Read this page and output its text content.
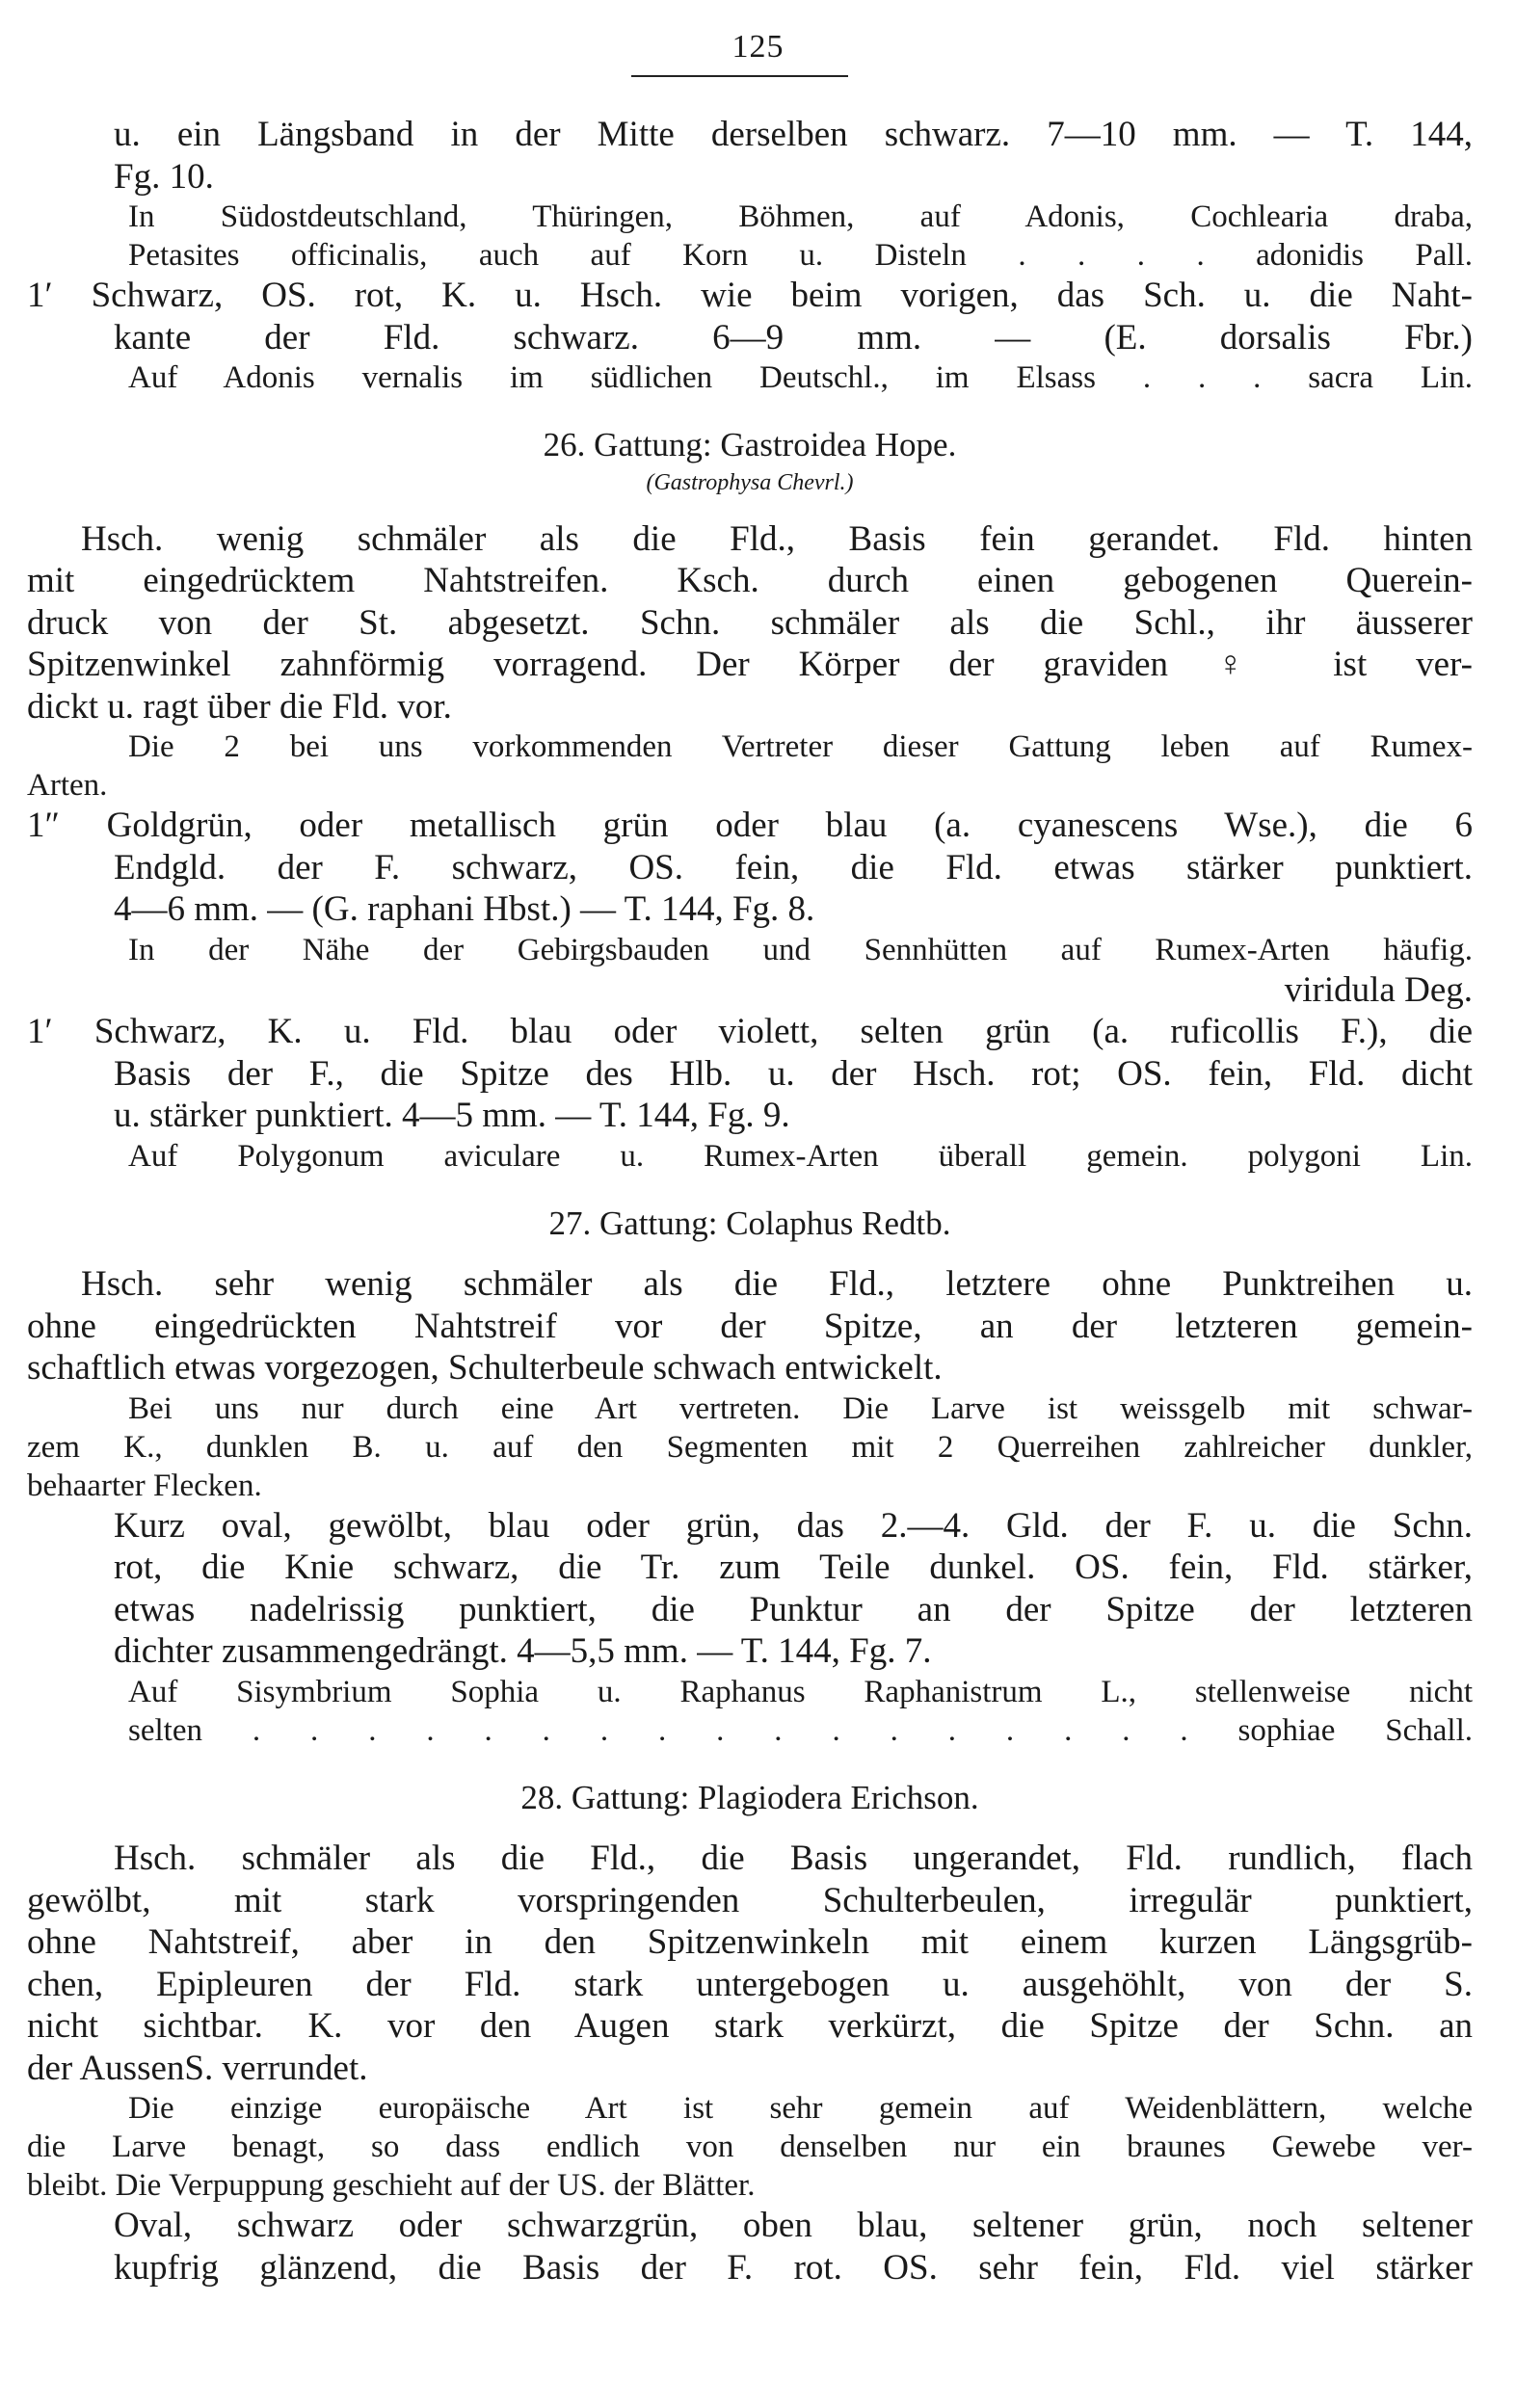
125
u. ein Längsband in der Mitte derselben schwarz. 7—10 mm. — T. 144,
Fg. 10.
In Südostdeutschland, Thüringen, Böhmen, auf Adonis, Cochlearia draba,
Petasites officinalis, auch auf Korn u. Disteln . . . . adonidis Pall.
1′ Schwarz, OS. rot, K. u. Hsch. wie beim vorigen, das Sch. u. die Naht-
kante der Fld. schwarz. 6—9 mm. — (E. dorsalis Fbr.)
Auf Adonis vernalis im südlichen Deutschl., im Elsass . . . sacra Lin.
26. Gattung: Gastroidea Hope.
(Gastrophysa Chevrl.)
Hsch. wenig schmäler als die Fld., Basis fein gerandet. Fld. hinten
mit eingedrücktem Nahtstreifen. Ksch. durch einen gebogenen Querein-
druck von der St. abgesetzt. Schn. schmäler als die Schl., ihr äusserer
Spitzenwinkel zahnförmig vorragend. Der Körper der graviden ♀ ist ver-
dickt u. ragt über die Fld. vor.
Die 2 bei uns vorkommenden Vertreter dieser Gattung leben auf Rumex-
Arten.
1″ Goldgrün, oder metallisch grün oder blau (a. cyanescens Wse.), die 6
Endgld. der F. schwarz, OS. fein, die Fld. etwas stärker punktiert.
4—6 mm. — (G. raphani Hbst.) — T. 144, Fg. 8.
In der Nähe der Gebirgsbauden und Sennhütten auf Rumex-Arten häufig.
viridula Deg.
1′ Schwarz, K. u. Fld. blau oder violett, selten grün (a. ruficollis F.), die
Basis der F., die Spitze des Hlb. u. der Hsch. rot; OS. fein, Fld. dicht
u. stärker punktiert. 4—5 mm. — T. 144, Fg. 9.
Auf Polygonum aviculare u. Rumex-Arten überall gemein. polygoni Lin.
27. Gattung: Colaphus Redtb.
Hsch. sehr wenig schmäler als die Fld., letztere ohne Punktreihen u.
ohne eingedrückten Nahtstreif vor der Spitze, an der letzteren gemein-
schaftlich etwas vorgezogen, Schulterbeule schwach entwickelt.
Bei uns nur durch eine Art vertreten. Die Larve ist weissgelb mit schwar-
zem K., dunklen B. u. auf den Segmenten mit 2 Querreihen zahlreicher dunkler,
behaarter Flecken.
Kurz oval, gewölbt, blau oder grün, das 2.—4. Gld. der F. u. die Schn.
rot, die Knie schwarz, die Tr. zum Teile dunkel. OS. fein, Fld. stärker,
etwas nadelrissig punktiert, die Punktur an der Spitze der letzteren
dichter zusammengedrängt. 4—5,5 mm. — T. 144, Fg. 7.
Auf Sisymbrium Sophia u. Raphanus Raphanistrum L., stellenweise nicht
selten . . . . . . . . . . . . . . . . . sophiae Schall.
28. Gattung: Plagiodera Erichson.
Hsch. schmäler als die Fld., die Basis ungerandet, Fld. rundlich, flach
gewölbt, mit stark vorspringenden Schulterbeulen, irregulär punktiert,
ohne Nahtstreif, aber in den Spitzenwinkeln mit einem kurzen Längsgrüb-
chen, Epipleuren der Fld. stark untergebogen u. ausgehöhlt, von der S.
nicht sichtbar. K. vor den Augen stark verkürzt, die Spitze der Schn. an
der AussenS. verrundet.
Die einzige europäische Art ist sehr gemein auf Weidenblättern, welche
die Larve benagt, so dass endlich von denselben nur ein braunes Gewebe ver-
bleibt. Die Verpuppung geschieht auf der US. der Blätter.
Oval, schwarz oder schwarzgrün, oben blau, seltener grün, noch seltener
kupfrig glänzend, die Basis der F. rot. OS. sehr fein, Fld. viel stärker
